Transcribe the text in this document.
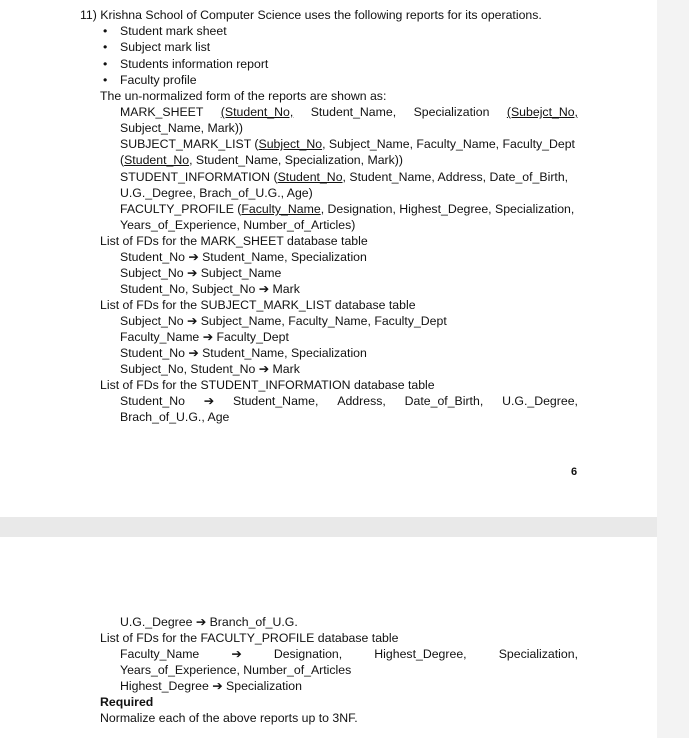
11) Krishna School of Computer Science uses the following reports for its operations.
• Student mark sheet
• Subject mark list
• Students information report
• Faculty profile
The un-normalized form of the reports are shown as:
MARK_SHEET (Student_No, Student_Name, Specialization (Subejct_No,
Subject_Name, Mark))
SUBJECT_MARK_LIST (Subject_No, Subject_Name, Faculty_Name, Faculty_Dept
(Student_No, Student_Name, Specialization, Mark))
STUDENT_INFORMATION (Student_No, Student_Name, Address, Date_of_Birth,
U.G._Degree, Brach_of_U.G., Age)
FACULTY_PROFILE (Faculty_Name, Designation, Highest_Degree, Specialization,
Years_of_Experience, Number_of_Articles)
List of FDs for the MARK_SHEET database table
Student_No ➔ Student_Name, Specialization
Subject_No ➔ Subject_Name
Student_No, Subject_No ➔ Mark
List of FDs for the SUBJECT_MARK_LIST database table
Subject_No ➔ Subject_Name, Faculty_Name, Faculty_Dept
Faculty_Name ➔ Faculty_Dept
Student_No ➔ Student_Name, Specialization
Subject_No, Student_No ➔ Mark
List of FDs for the STUDENT_INFORMATION database table
Student_No ➔ Student_Name, Address, Date_of_Birth, U.G._Degree,
Brach_of_U.G., Age
6
U.G._Degree ➔ Branch_of_U.G.
List of FDs for the FACULTY_PROFILE database table
Faculty_Name	➔	Designation,	Highest_Degree,	Specialization,
Years_of_Experience, Number_of_Articles
Highest_Degree ➔ Specialization
Required
Normalize each of the above reports up to 3NF.
